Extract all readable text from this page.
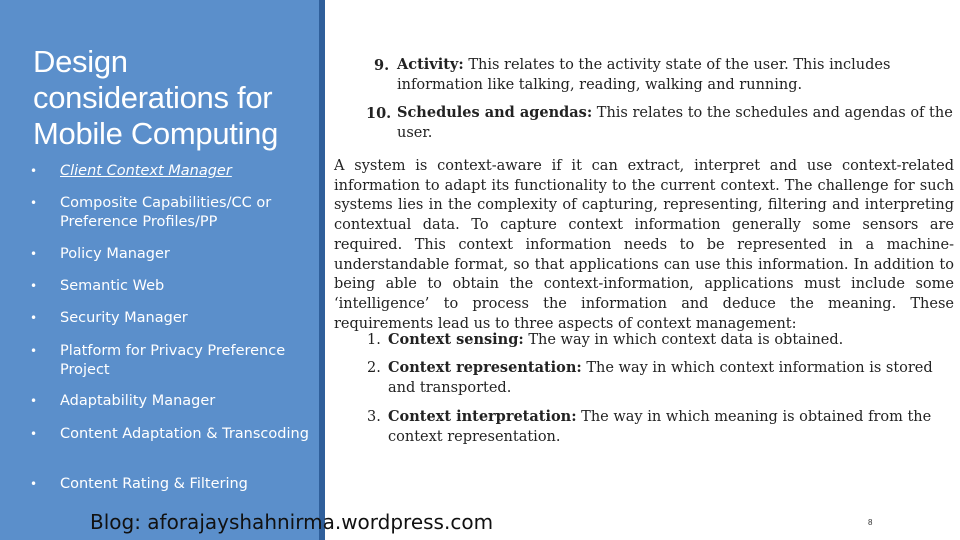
Design considerations for Mobile Computing
•	Client Context Manager
•	Composite Capabilities/CC or Preference Profiles/PP
•	Policy Manager
•	Semantic Web
•	Security Manager
•	Platform for Privacy Preference Project
•	Adaptability Manager
•	Content Adaptation & Transcoding
•	Content Rating & Filtering
9. Activity: This relates to the activity state of the user. This includes information like talking, reading, walking and running.
10. Schedules and agendas: This relates to the schedules and agendas of the user.
A system is context-aware if it can extract, interpret and use context-related information to adapt its functionality to the current context. The challenge for such systems lies in the complexity of capturing, representing, filtering and interpreting contextual data. To capture context information generally some sensors are required. This context information needs to be represented in a machine-understandable format, so that applications can use this information. In addition to being able to obtain the context-information, applications must include some ‘intelligence’ to process the information and deduce the meaning. These requirements lead us to three aspects of context management:
1. Context sensing: The way in which context data is obtained.
2. Context representation: The way in which context information is stored and transported.
3. Context interpretation: The way in which meaning is obtained from the context representation.
Blog: aforajayshahnirma.wordpress.com	8
